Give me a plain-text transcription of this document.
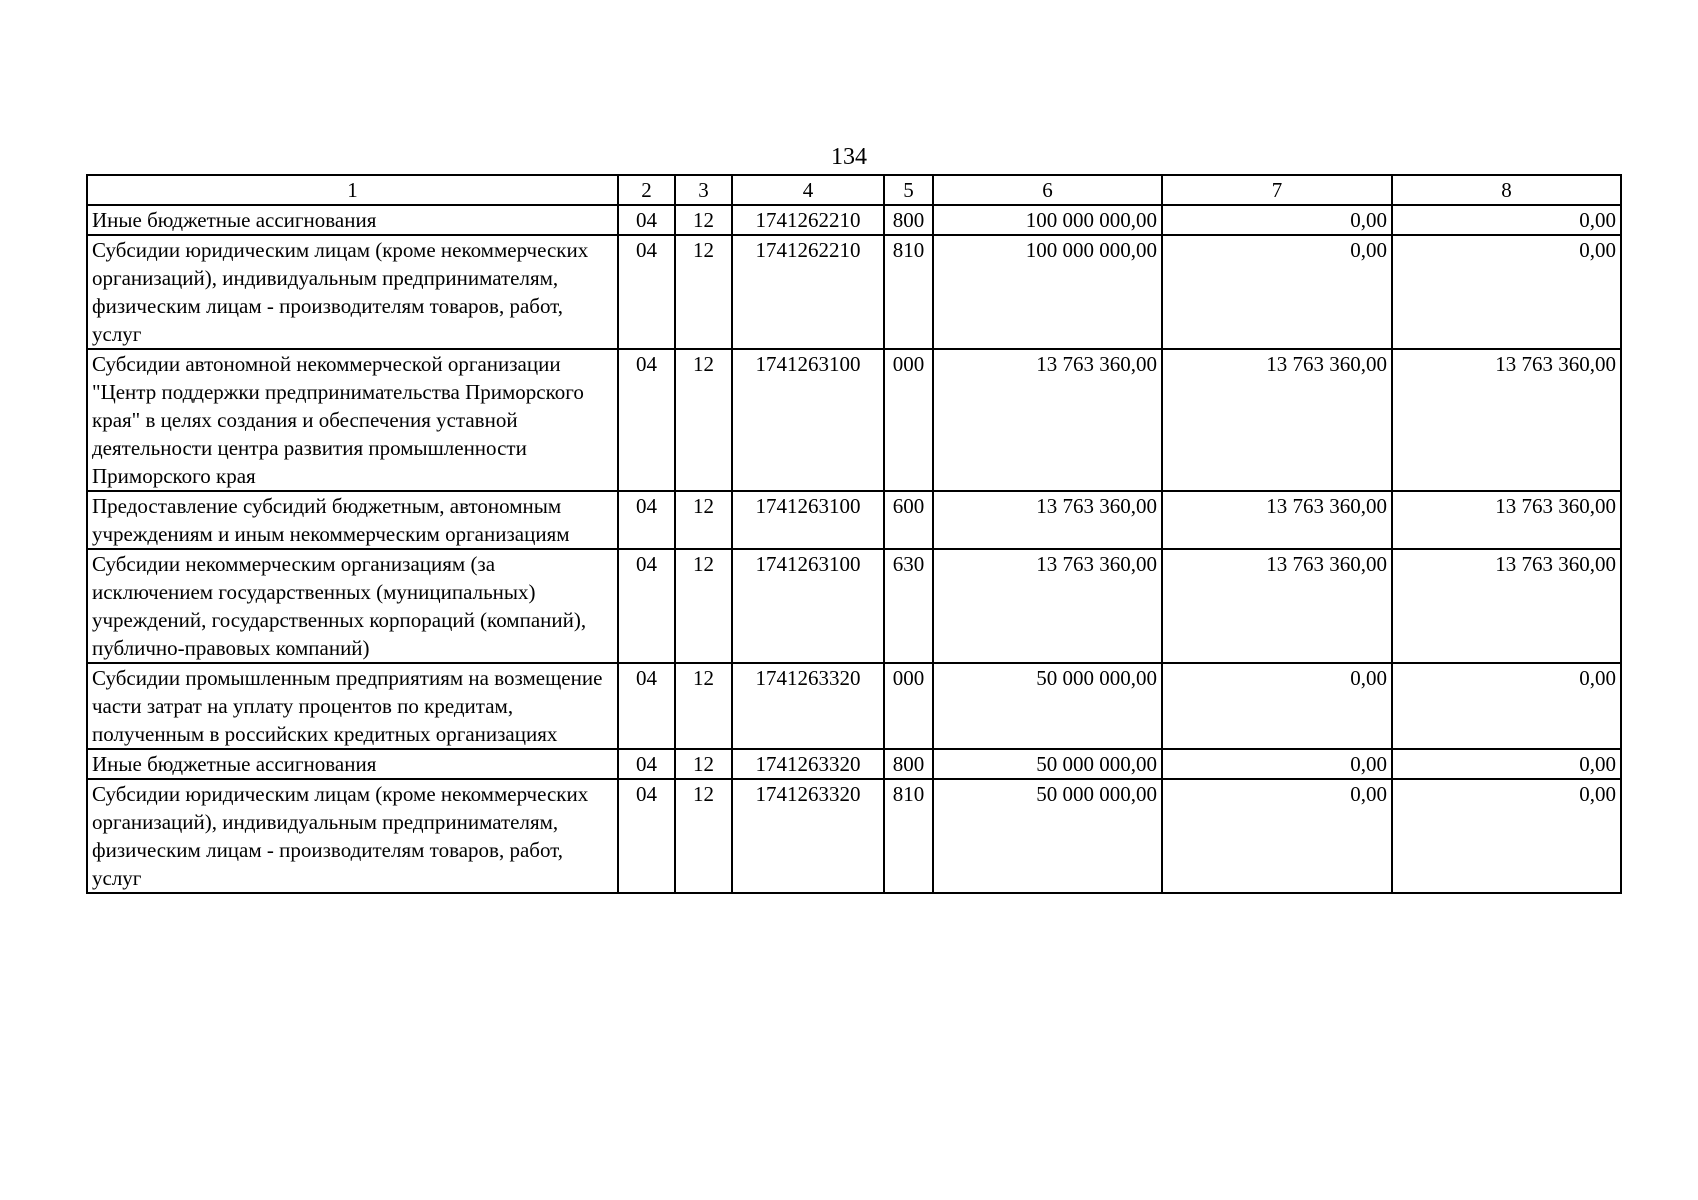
134
1	2	3	4	5	6	7	8
Иные бюджетные ассигнования	04	12	1741262210	800	100 000 000,00	0,00	0,00
Субсидии юридическим лицам (кроме некоммерческих организаций), индивидуальным предпринимателям, физическим лицам - производителям товаров, работ, услуг	04	12	1741262210	810	100 000 000,00	0,00	0,00
Субсидии автономной некоммерческой организации "Центр поддержки предпринимательства Приморского края" в целях создания и обеспечения уставной деятельности центра развития промышленности Приморского края	04	12	1741263100	000	13 763 360,00	13 763 360,00	13 763 360,00
Предоставление субсидий бюджетным, автономным учреждениям и иным некоммерческим организациям	04	12	1741263100	600	13 763 360,00	13 763 360,00	13 763 360,00
Субсидии некоммерческим организациям (за исключением государственных (муниципальных) учреждений, государственных корпораций (компаний), публично-правовых компаний)	04	12	1741263100	630	13 763 360,00	13 763 360,00	13 763 360,00
Субсидии промышленным предприятиям на возмещение части затрат на уплату процентов по кредитам, полученным в российских кредитных организациях	04	12	1741263320	000	50 000 000,00	0,00	0,00
Иные бюджетные ассигнования	04	12	1741263320	800	50 000 000,00	0,00	0,00
Субсидии юридическим лицам (кроме некоммерческих организаций), индивидуальным предпринимателям, физическим лицам - производителям товаров, работ, услуг	04	12	1741263320	810	50 000 000,00	0,00	0,00
